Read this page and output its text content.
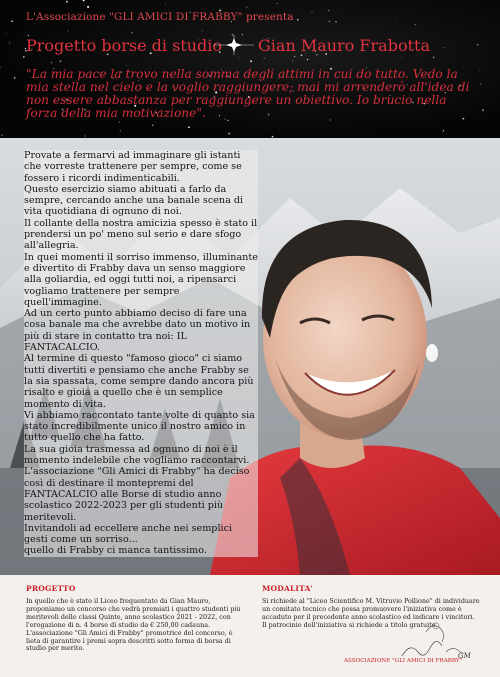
L'Associazione "GLI AMICI DI FRABBY" presenta

Progetto borse di studio Gian Mauro Frabotta

"La mia pace la trovo nella somma degli attimi in cui do tutto. Vedo la mia stella nel cielo e la voglio raggiungere; mai mi arrenderò all'idea di non essere abbastanza per raggiungere un obiettivo. Io brucio nella forza della mia motivazione".

Provate a fermarvi ad immaginare gli istanti che vorreste trattenere per sempre, come se fossero i ricordi indimenticabili.

Questo esercizio siamo abituati a farlo da sempre, cercando anche una banale scena di vita quotidiana di ognuno di noi.

Il collante della nostra amicizia spesso è stato il prendersi un po' meno sul serio e dare sfogo all'allegria.

In quei momenti il sorriso immenso, illuminante e divertito di Frabby dava un senso maggiore alla goliardia, ed oggi tutti noi, a ripensarci vogliamo trattenere per sempre quell'immagine.

Ad un certo punto abbiamo deciso di fare una cosa banale ma che avrebbe dato un motivo in più di stare in contatto tra noi: IL FANTACALCIO.

Al termine di questo "famoso gioco" ci siamo tutti divertiti e pensiamo che anche Frabby se la sia spassata, come sempre dando ancora più risalto e gioia a quello che è un semplice momento di vita.

Vi abbiamo raccontato tante volte di quanto sia stato incredibilmente unico il nostro amico in tutto quello che ha fatto.

La sua gioia trasmessa ad ognuno di noi è il momento indelebile che vogliamo raccontarvi.

L'associazione "Gli Amici di Frabby" ha deciso così di destinare il montepremi del FANTACALCIO alle Borse di studio anno scolastico 2022-2023 per gli studenti più meritevoli.

Invitandoli ad eccellere anche nei semplici gesti come un sorriso...

quello di Frabby ci manca tantissimo.

PROGETTO

In quello che è stato il Liceo frequentato da Gian Mauro, proponiamo un concorso che vedrà premiati i quattro studenti più meritevoli delle classi Quinte, anno scolastico 2021 - 2022, con l'erogazione di n. 4 borse di studio da € 250,00 cadauna. L'associazione "Gli Amici di Frabby" promotrice del concorso, è lieta di garantire i premi sopra descritti sotto forma di borsa di studio per merito.

MODALITA'

Si richiede al "Liceo Scientifico M. Vitruvio Pollione" di individuare un comitato tecnico che possa promuovere l'iniziativa come è accaduto per il precedente anno scolastico ed indicare i vincitori. Il patrocinio dell'iniziativa si richiede a titolo gratuito.

GM

ASSOCIAZIONE "GLI AMICI DI FRABBY"
